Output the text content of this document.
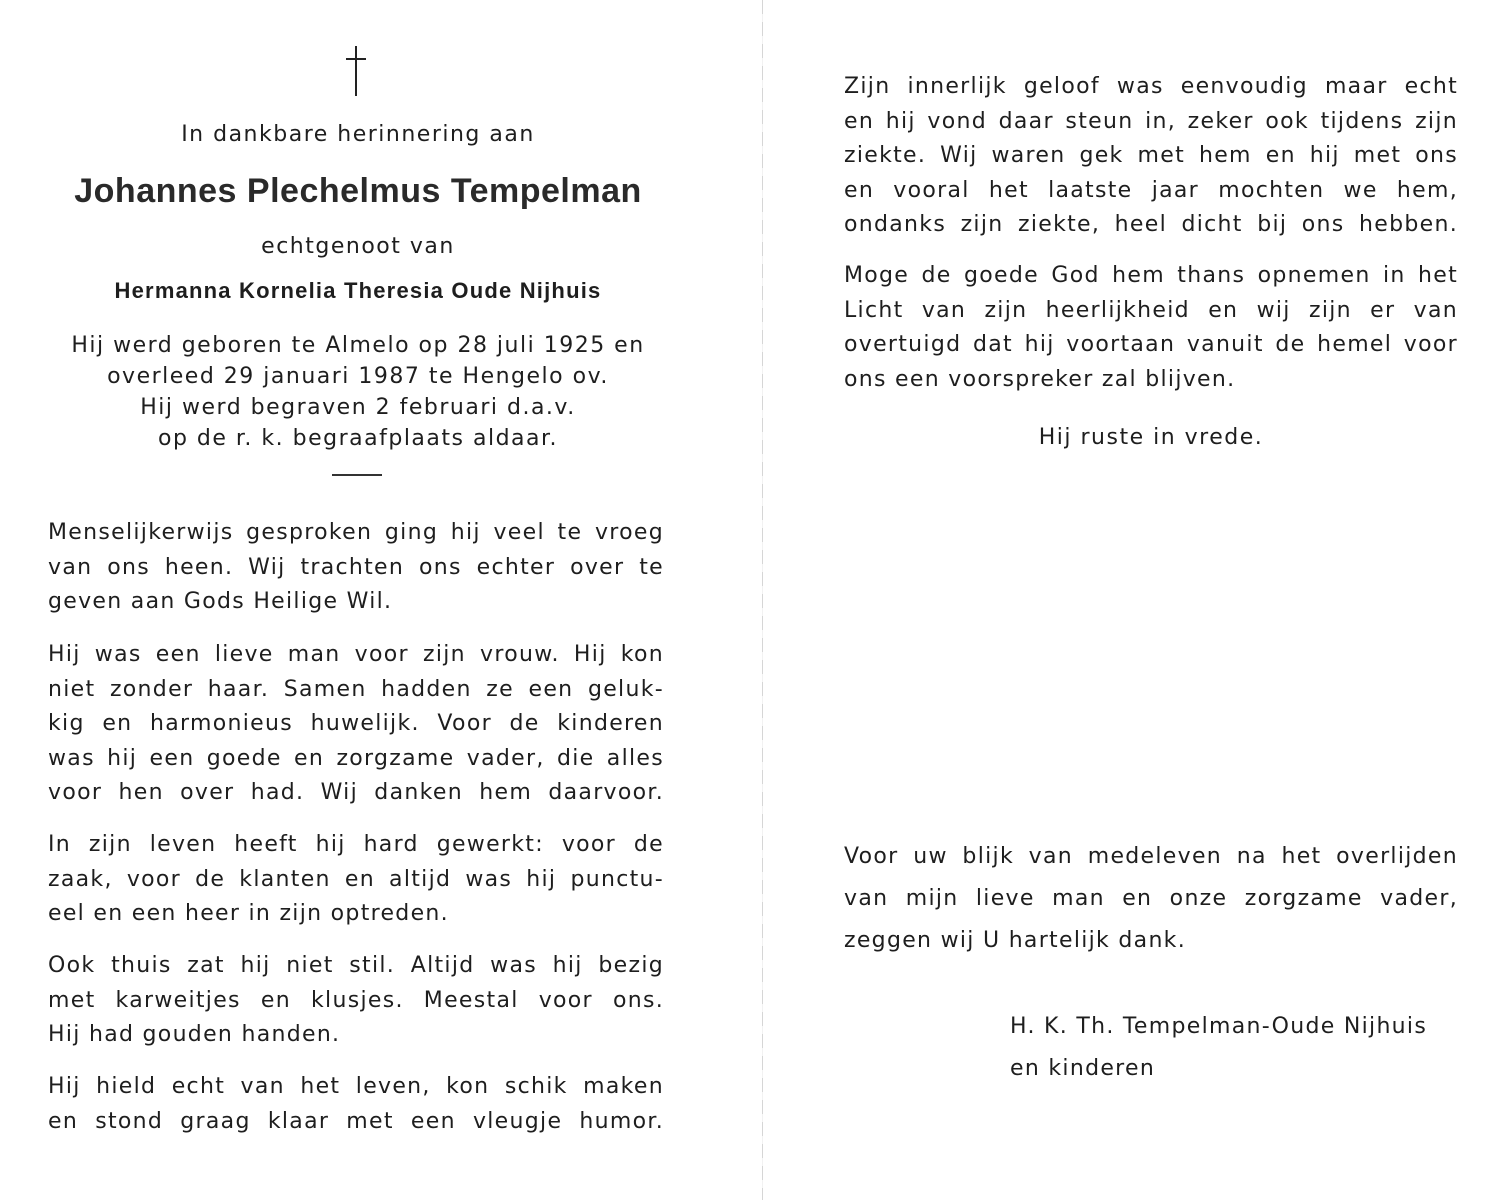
In dankbare herinnering aan
Johannes Plechelmus Tempelman
echtgenoot van
Hermanna Kornelia Theresia Oude Nijhuis
Hij werd geboren te Almelo op 28 juli 1925 en
overleed 29 januari 1987 te Hengelo ov.
Hij werd begraven 2 februari d.a.v.
op de r. k. begraafplaats aldaar.
Menselijkerwijs gesproken ging hij veel te vroeg
van ons heen. Wij trachten ons echter over te
geven aan Gods Heilige Wil.
Hij was een lieve man voor zijn vrouw. Hij kon
niet zonder haar. Samen hadden ze een geluk-
kig en harmonieus huwelijk. Voor de kinderen
was hij een goede en zorgzame vader, die alles
voor hen over had. Wij danken hem daarvoor.
In zijn leven heeft hij hard gewerkt: voor de
zaak, voor de klanten en altijd was hij punctu-
eel en een heer in zijn optreden.
Ook thuis zat hij niet stil. Altijd was hij bezig
met karweitjes en klusjes. Meestal voor ons.
Hij had gouden handen.
Hij hield echt van het leven, kon schik maken
en stond graag klaar met een vleugje humor.
Zijn innerlijk geloof was eenvoudig maar echt
en hij vond daar steun in, zeker ook tijdens zijn
ziekte. Wij waren gek met hem en hij met ons
en vooral het laatste jaar mochten we hem,
ondanks zijn ziekte, heel dicht bij ons hebben.
Moge de goede God hem thans opnemen in het
Licht van zijn heerlijkheid en wij zijn er van
overtuigd dat hij voortaan vanuit de hemel voor
ons een voorspreker zal blijven.
Hij ruste in vrede.
Voor uw blijk van medeleven na het overlijden
van mijn lieve man en onze zorgzame vader,
zeggen wij U hartelijk dank.
H. K. Th. Tempelman-Oude Nijhuis
en kinderen
